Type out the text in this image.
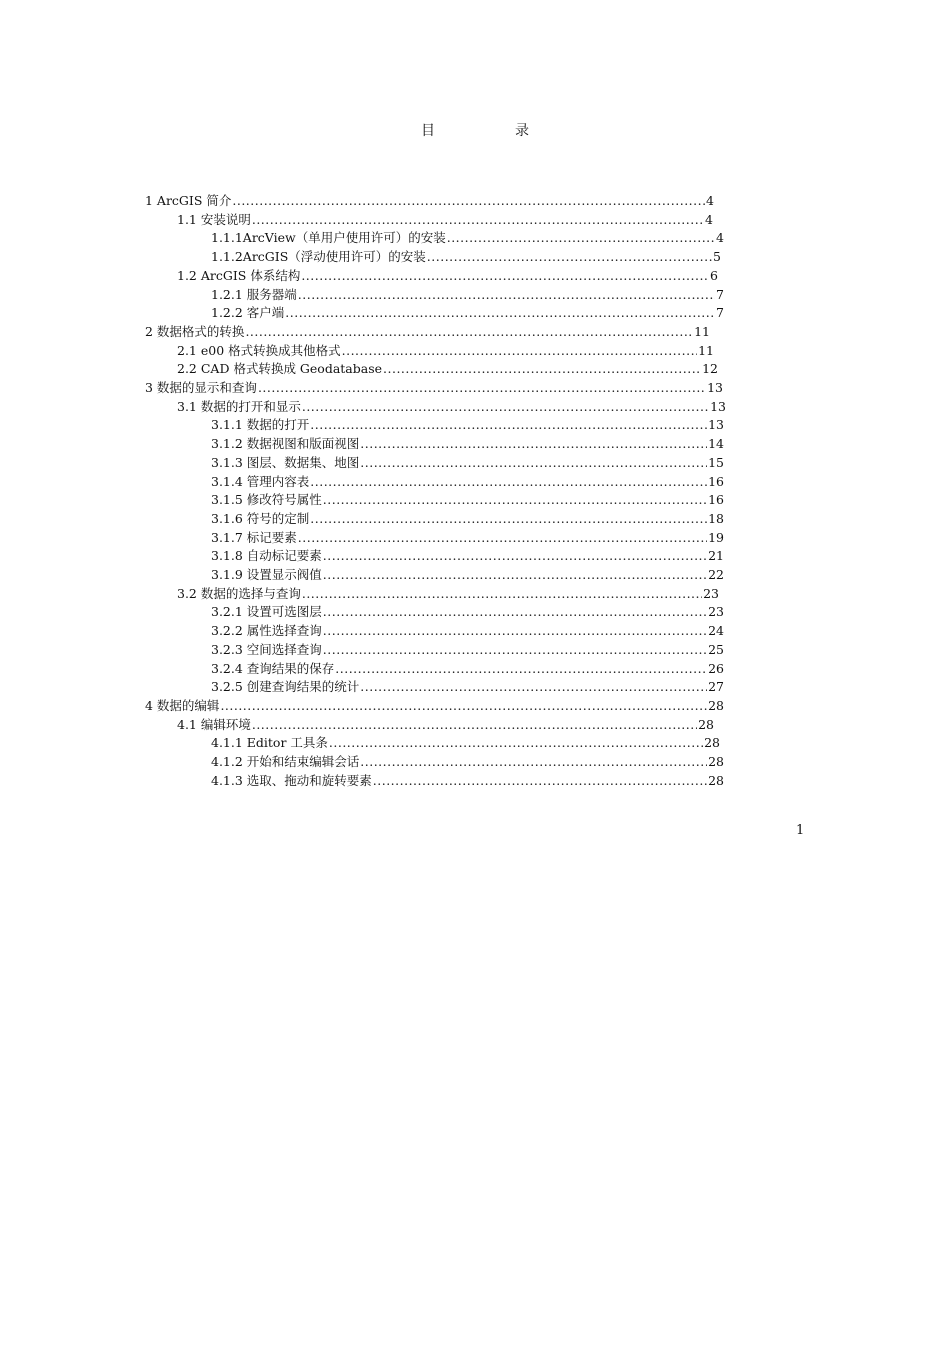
目	录
1 ArcGIS 简介 .....	4
1.1 安装说明 .....	4
1.1.1ArcView（单用户使用许可）的安装 .....	4
1.1.2ArcGIS（浮动使用许可）的安装 .....	5
1.2 ArcGIS 体系结构 .....	6
1.2.1 服务器端 .....	7
1.2.2 客户端 .....	7
2 数据格式的转换 .....	11
2.1 e00 格式转换成其他格式 .....	11
2.2 CAD 格式转换成 Geodatabase .....	12
3 数据的显示和查询 .....	13
3.1 数据的打开和显示 .....	13
3.1.1 数据的打开 .....	13
3.1.2 数据视图和版面视图 .....	14
3.1.3 图层、数据集、地图 .....	15
3.1.4 管理内容表 .....	16
3.1.5 修改符号属性 .....	16
3.1.6 符号的定制 .....	18
3.1.7 标记要素 .....	19
3.1.8 自动标记要素 .....	21
3.1.9 设置显示阀值 .....	22
3.2 数据的选择与查询 .....	23
3.2.1 设置可选图层 .....	23
3.2.2 属性选择查询 .....	24
3.2.3 空间选择查询 .....	25
3.2.4 查询结果的保存 .....	26
3.2.5 创建查询结果的统计 .....	27
4 数据的编辑 .....	28
4.1 编辑环境 .....	28
4.1.1 Editor 工具条 .....	28
4.1.2 开始和结束编辑会话 .....	28
4.1.3 选取、拖动和旋转要素 .....	28
1
